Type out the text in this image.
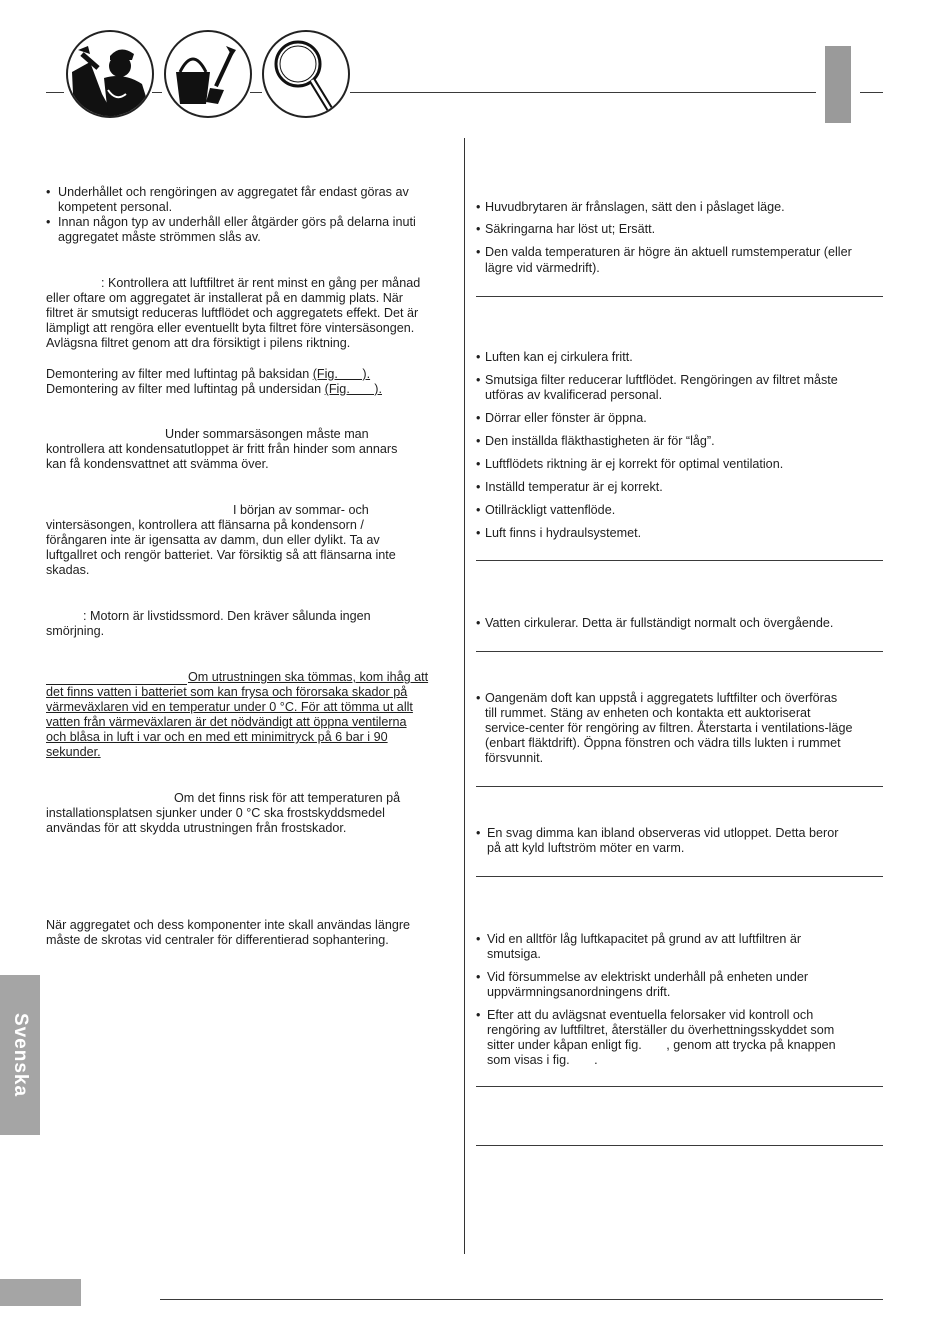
• Underhållet och rengöringen av aggregatet får endast göras av
kompetent personal.
• Innan någon typ av underhåll eller åtgärder görs på delarna inuti
aggregatet måste strömmen slås av.
: Kontrollera att luftfiltret är rent minst en gång per månad
eller oftare om aggregatet är installerat på en dammig plats. När
filtret är smutsigt reduceras luftflödet och aggregatets effekt. Det är
lämpligt att rengöra eller eventuellt byta filtret före vintersäsongen.
Avlägsna filtret genom att dra försiktigt i pilens riktning.
Demontering av filter med luftintag på baksidan (Fig.       ).
Demontering av filter med luftintag på undersidan (Fig.       ).
Under sommarsäsongen måste man
kontrollera att kondensatutloppet är fritt från hinder som annars
kan få kondensvattnet att svämma över.
I början av sommar- och
vintersäsongen, kontrollera att flänsarna på kondensorn /
förångaren inte är igensatta av damm, dun eller dylikt. Ta av
luftgallret och rengör batteriet. Var försiktig så att flänsarna inte
skadas.
: Motorn är livstidssmord. Den kräver sålunda ingen
smörjning.
Om utrustningen ska tömmas, kom ihåg att
det finns vatten i batteriet som kan frysa och förorsaka skador på
värmeväxlaren vid en temperatur under 0 °C. För att tömma ut allt
vatten från värmeväxlaren är det nödvändigt att öppna ventilerna
och blåsa in luft i var och en med ett minimitryck på 6 bar i 90
sekunder.
Om det finns risk för att temperaturen på
installationsplatsen sjunker under 0 °C ska frostskyddsmedel
användas för att skydda utrustningen från frostskador.
När aggregatet och dess komponenter inte skall användas längre
måste de skrotas vid centraler för differentierad sophantering.
Svenska
• Huvudbrytaren är frånslagen, sätt den i påslaget läge.
• Säkringarna har löst ut; Ersätt.
• Den valda temperaturen är högre än aktuell rumstemperatur (eller
lägre vid värmedrift).
• Luften kan ej cirkulera fritt.
• Smutsiga filter reducerar luftflödet. Rengöringen av filtret måste
utföras av kvalificerad personal.
• Dörrar eller fönster är öppna.
• Den inställda fläkthastigheten är för “låg”.
• Luftflödets riktning är ej korrekt för optimal ventilation.
• Inställd temperatur är ej korrekt.
• Otillräckligt vattenflöde.
• Luft finns i hydraulsystemet.
• Vatten cirkulerar. Detta är fullständigt normalt och övergående.
• Oangenäm doft kan uppstå i aggregatets luftfilter och överföras
till rummet. Stäng av enheten och kontakta ett auktoriserat
service-center för rengöring av filtren. Återstarta i ventilations-läge
(enbart fläktdrift). Öppna fönstren och vädra tills lukten i rummet
försvunnit.
• En svag dimma kan ibland observeras vid utloppet. Detta beror
på att kyld luftström möter en varm.
• Vid en alltför låg luftkapacitet på grund av att luftfiltren är
smutsiga.
• Vid försummelse av elektriskt underhåll på enheten under
uppvärmningsanordningens drift.
• Efter att du avlägsnat eventuella felorsaker vid kontroll och
rengöring av luftfiltret, återställer du överhettningsskyddet som
sitter under kåpan enligt fig.       , genom att trycka på knappen
som visas i fig.       .
